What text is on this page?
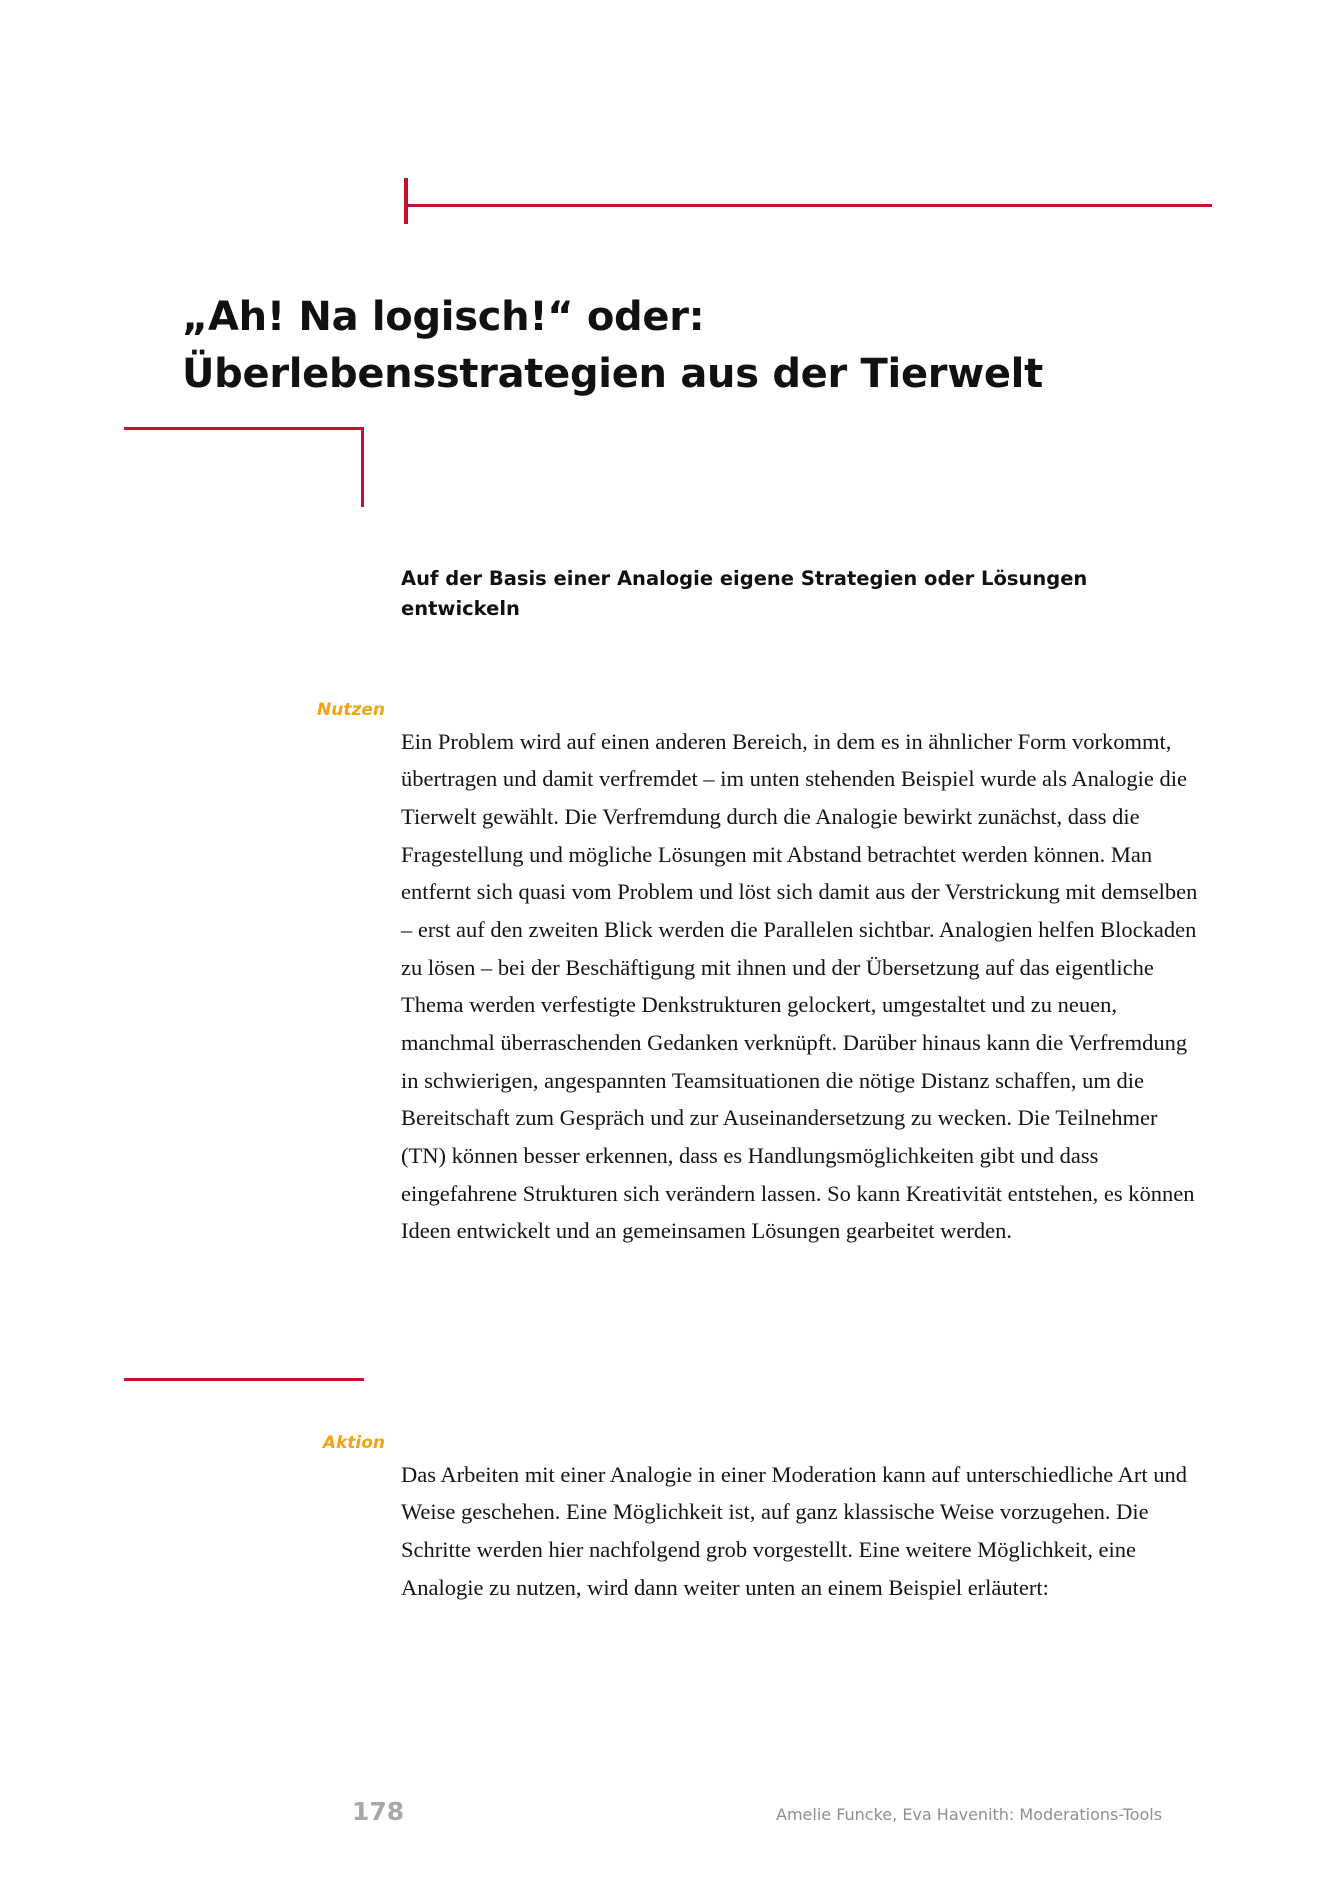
„Ah! Na logisch!“ oder: Überlebensstrategien aus der Tierwelt
Auf der Basis einer Analogie eigene Strategien oder Lösungen entwickeln
Nutzen

Ein Problem wird auf einen anderen Bereich, in dem es in ähnlicher Form vorkommt, übertragen und damit verfremdet – im unten stehenden Beispiel wurde als Analogie die Tierwelt gewählt. Die Verfremdung durch die Analogie bewirkt zunächst, dass die Fragestellung und mögliche Lösungen mit Abstand betrachtet werden können. Man entfernt sich quasi vom Problem und löst sich damit aus der Verstrickung mit demselben – erst auf den zweiten Blick werden die Parallelen sichtbar. Analogien helfen Blockaden zu lösen – bei der Beschäftigung mit ihnen und der Übersetzung auf das eigentliche Thema werden verfestigte Denkstrukturen gelockert, umgestaltet und zu neuen, manchmal überraschenden Gedanken verknüpft. Darüber hinaus kann die Verfremdung in schwierigen, angespannten Teamsituationen die nötige Distanz schaffen, um die Bereitschaft zum Gespräch und zur Auseinandersetzung zu wecken. Die Teilnehmer (TN) können besser erkennen, dass es Handlungsmöglichkeiten gibt und dass eingefahrene Strukturen sich verändern lassen. So kann Kreativität entstehen, es können Ideen entwickelt und an gemeinsamen Lösungen gearbeitet werden.

Aktion

Das Arbeiten mit einer Analogie in einer Moderation kann auf unterschiedliche Art und Weise geschehen. Eine Möglichkeit ist, auf ganz klassische Weise vorzugehen. Die Schritte werden hier nachfolgend grob vorgestellt. Eine weitere Möglichkeit, eine Analogie zu nutzen, wird dann weiter unten an einem Beispiel erläutert:

178	Amelie Funcke, Eva Havenith: Moderations-Tools
